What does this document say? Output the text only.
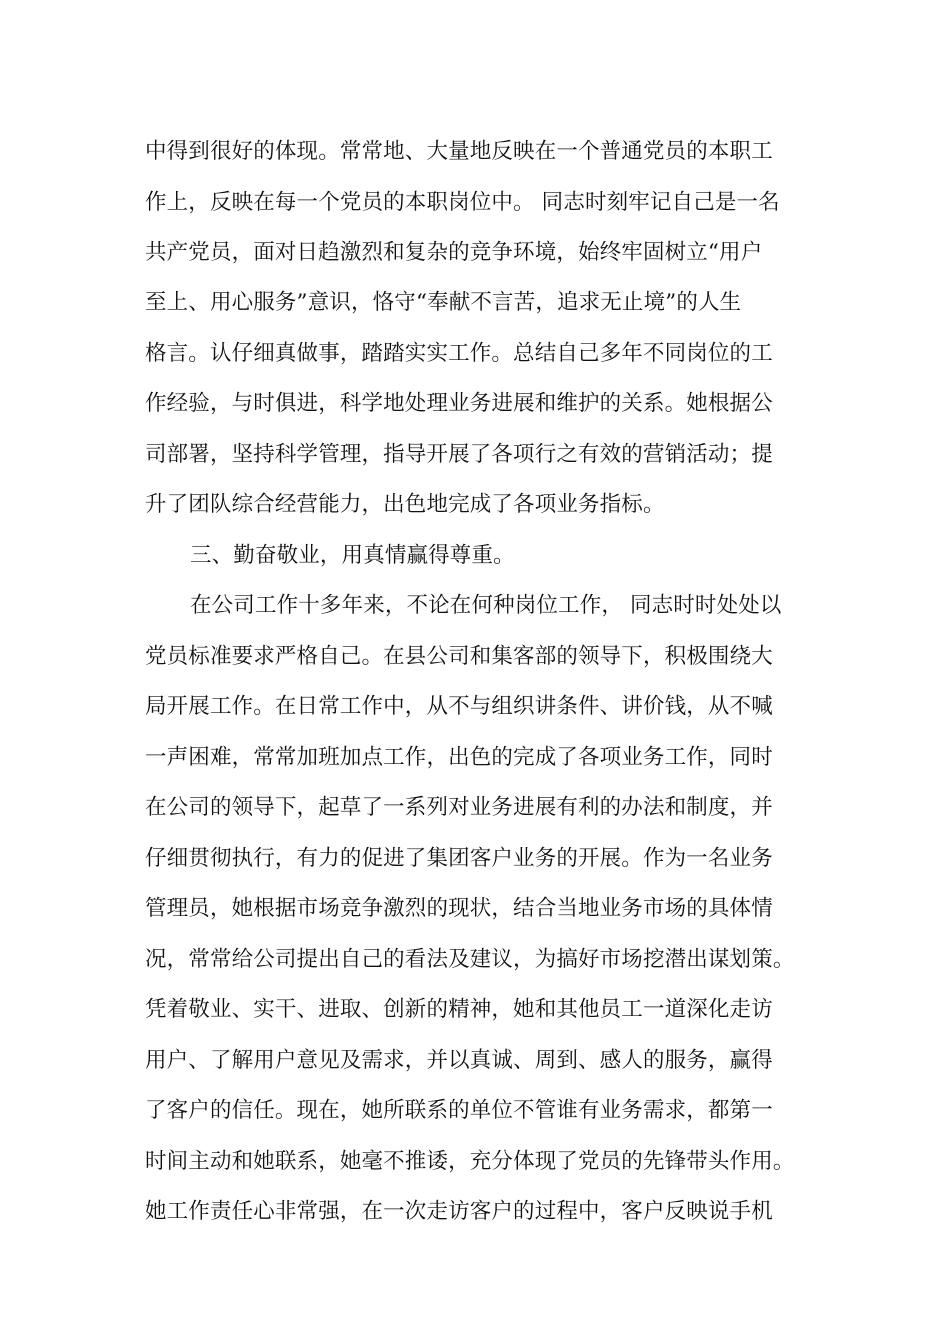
中得到很好的体现。常常地、大量地反映在一个普通党员的本职工
作上，反映在每一个党员的本职岗位中。 同志时刻牢记自己是一名
共产党员，面对日趋激烈和复杂的竞争环境，始终牢固树立“用户
至上、用心服务”意识，恪守“奉献不言苦，追求无止境”的人生
格言。认仔细真做事，踏踏实实工作。总结自己多年不同岗位的工
作经验，与时俱进，科学地处理业务进展和维护的关系。她根据公
司部署，坚持科学管理，指导开展了各项行之有效的营销活动；提
升了团队综合经营能力，出色地完成了各项业务指标。
三、勤奋敬业，用真情赢得尊重。
在公司工作十多年来，不论在何种岗位工作， 同志时时处处以
党员标准要求严格自己。在县公司和集客部的领导下，积极围绕大
局开展工作。在日常工作中，从不与组织讲条件、讲价钱，从不喊
一声困难，常常加班加点工作，出色的完成了各项业务工作，同时
在公司的领导下，起草了一系列对业务进展有利的办法和制度，并
仔细贯彻执行，有力的促进了集团客户业务的开展。作为一名业务
管理员，她根据市场竞争激烈的现状，结合当地业务市场的具体情
况，常常给公司提出自己的看法及建议，为搞好市场挖潜出谋划策。
凭着敬业、实干、进取、创新的精神，她和其他员工一道深化走访
用户、了解用户意见及需求，并以真诚、周到、感人的服务，赢得
了客户的信任。现在，她所联系的单位不管谁有业务需求，都第一
时间主动和她联系，她毫不推诿，充分体现了党员的先锋带头作用。
她工作责任心非常强，在一次走访客户的过程中，客户反映说手机
